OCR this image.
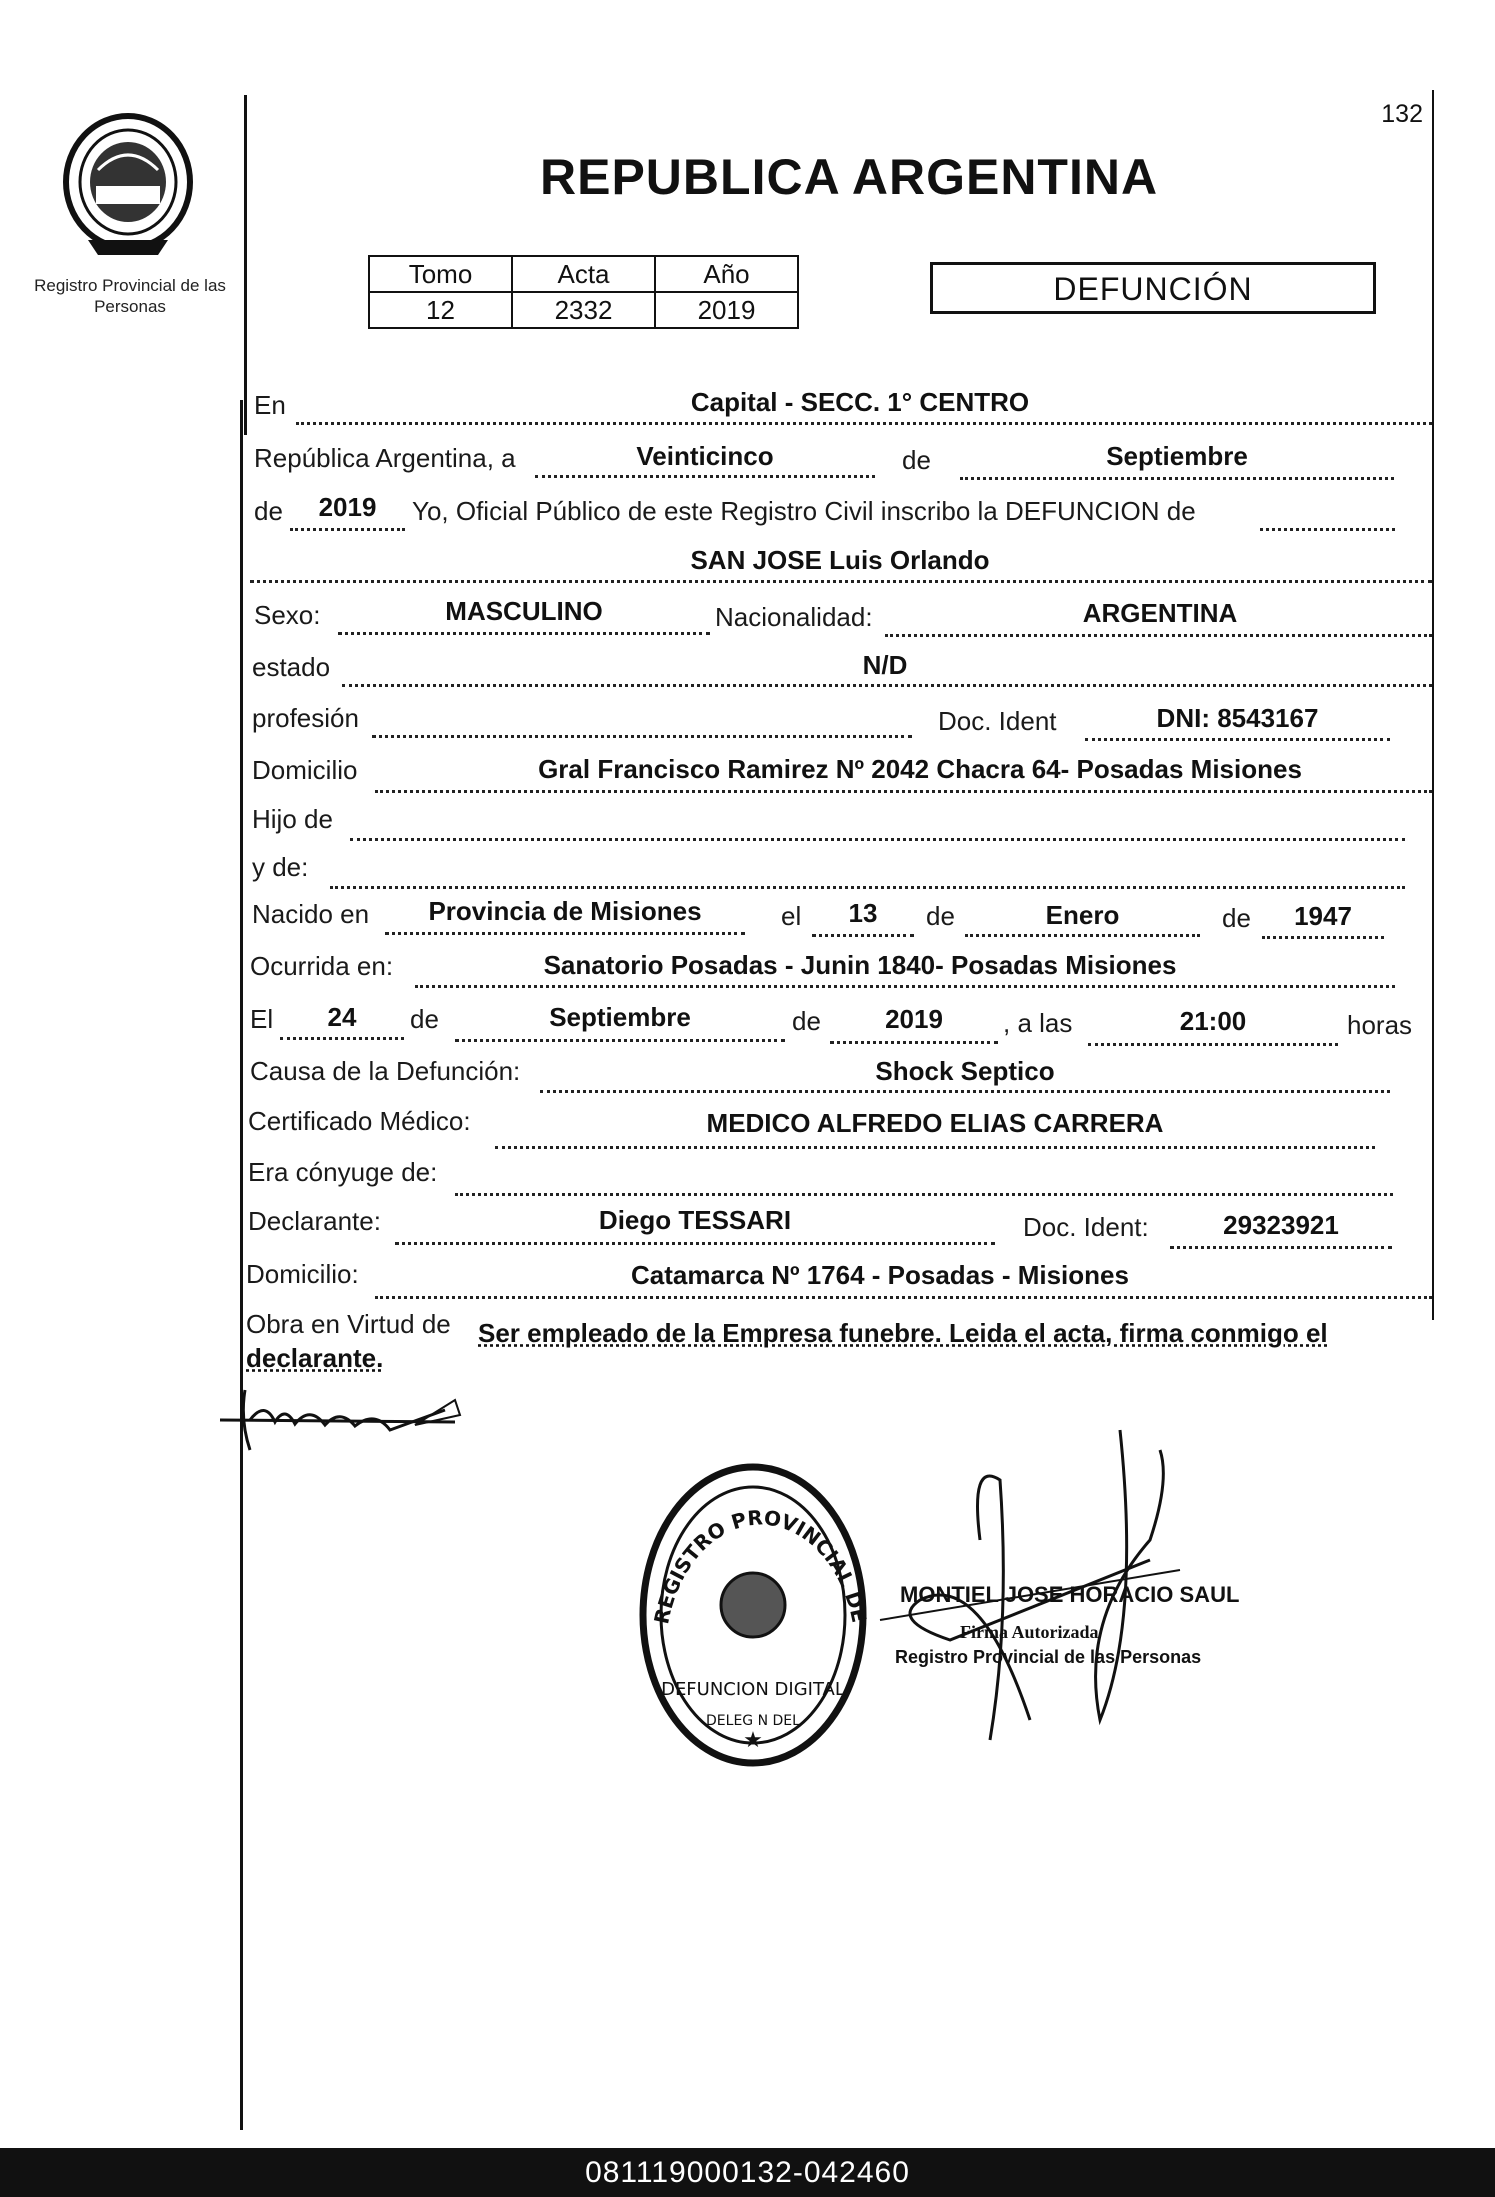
Registro Provincial de las Personas
132
REPUBLICA ARGENTINA
Tomo	Acta	Año
12	2332	2019
DEFUNCIÓN
En	Capital - SECC. 1° CENTRO
República Argentina, a	Veinticinco	de	Septiembre
de	2019	Yo, Oficial Público de este Registro Civil inscribo la DEFUNCION de
SAN JOSE Luis Orlando
Sexo:	MASCULINO	Nacionalidad:	ARGENTINA
estado	N/D
profesión	Doc. Ident	DNI: 8543167
Domicilio	Gral Francisco Ramirez Nº 2042 Chacra 64- Posadas Misiones
Hijo de
y de:
Nacido en	Provincia de Misiones	el	13	de	Enero	de	1947
Ocurrida en:	Sanatorio Posadas - Junin 1840- Posadas Misiones
El	24	de	Septiembre	de	2019	, a las	21:00	horas
Causa de la Defunción:	Shock Septico
Certificado Médico:	MEDICO ALFREDO ELIAS CARRERA
Era cónyuge de:
Declarante:	Diego TESSARI	Doc. Ident:	29323921
Domicilio:	Catamarca Nº 1764 - Posadas - Misiones
Obra en Virtud de Ser empleado de la Empresa funebre. Leida el acta, firma conmigo el
declarante.
REGISTRO PROVINCIAL DE LAS PERSONAS
DEFUNCION DIGITAL
DELEG N DEL
★
MONTIEL JOSE HORACIO SAUL
Firma Autorizada
Registro Provincial de las Personas
081119000132-042460
